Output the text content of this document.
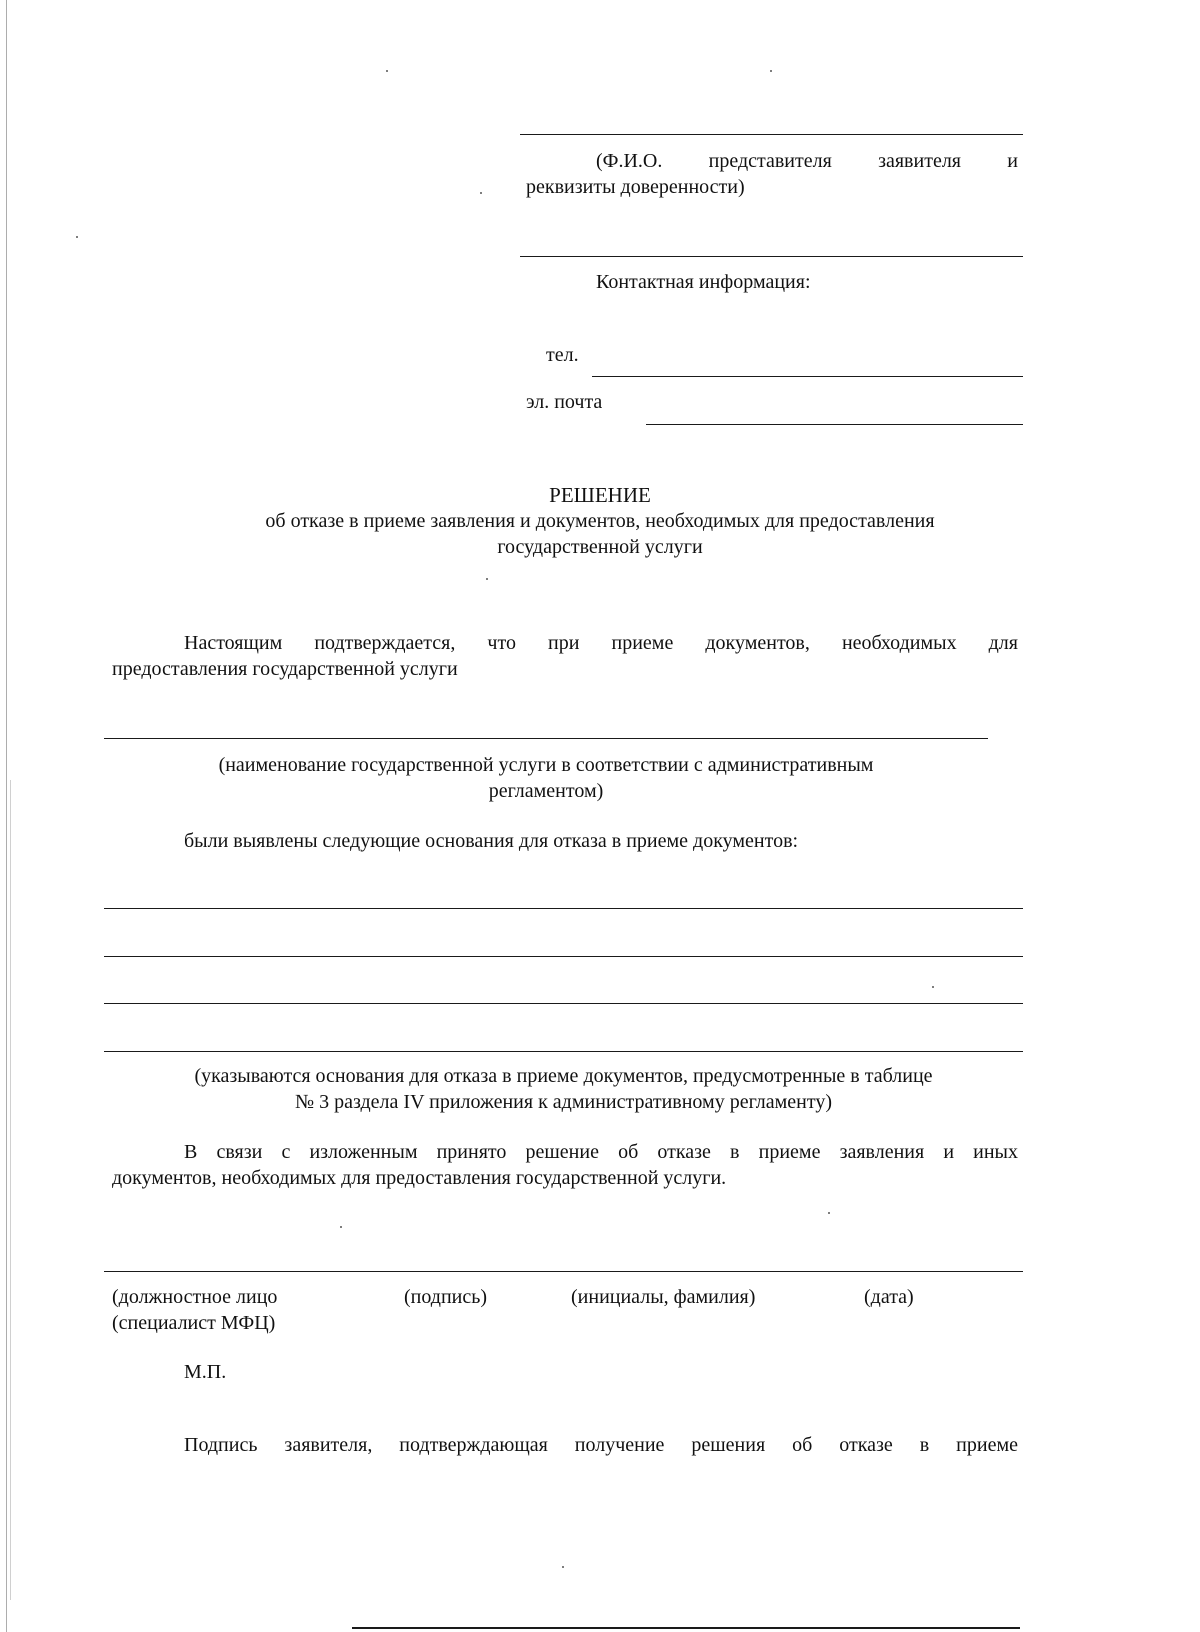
(Ф.И.О. представителя заявителя и
реквизиты доверенности)
Контактная информация:
тел.
эл. почта
РЕШЕНИЕ
об отказе в приеме заявления и документов, необходимых для предоставления
государственной услуги
Настоящим подтверждается, что при приеме документов, необходимых для
предоставления государственной услуги
(наименование государственной услуги в соответствии с административным
регламентом)
были выявлены следующие основания для отказа в приеме документов:
(указываются основания для отказа в приеме документов, предусмотренные в таблице
№ 3 раздела IV приложения к административному регламенту)
В связи с изложенным принято решение об отказе в приеме заявления и иных
документов, необходимых для предоставления государственной услуги.
(должностное лицо
(специалист МФЦ)
(подпись)	(инициалы, фамилия)	(дата)
М.П.
Подпись заявителя, подтверждающая получение решения об отказе в приеме
